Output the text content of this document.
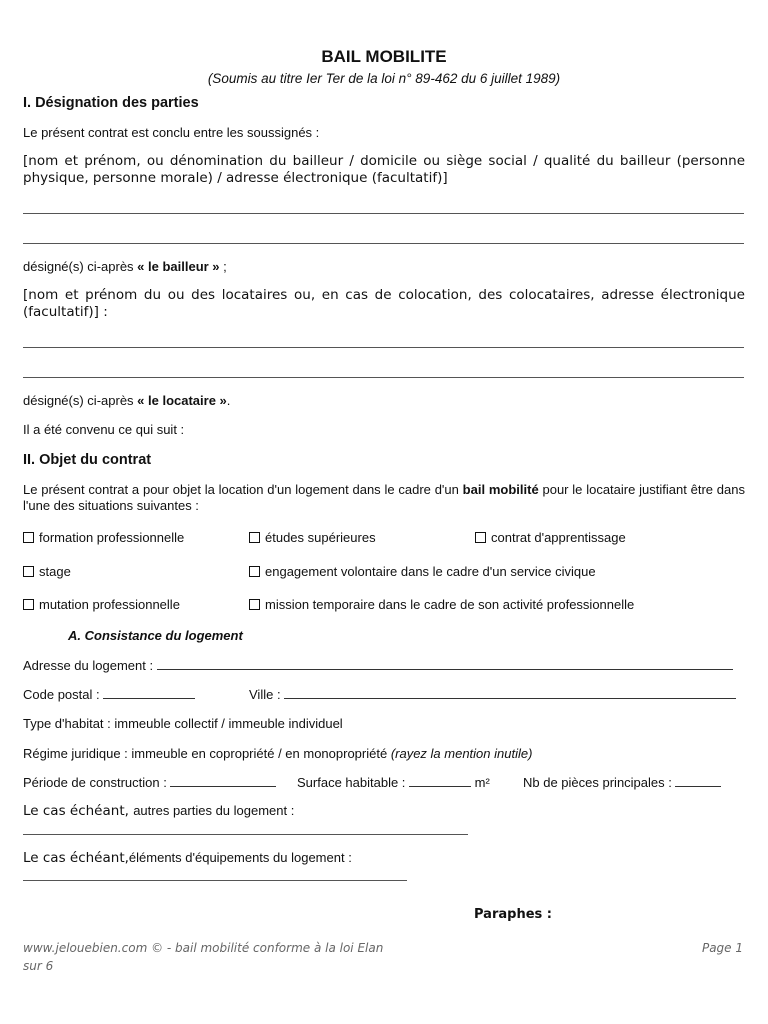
BAIL MOBILITE
(Soumis au titre Ier Ter de la loi n° 89-462 du 6 juillet 1989)
I. Désignation des parties
Le présent contrat est conclu entre les soussignés :
[nom et prénom, ou dénomination du bailleur / domicile ou siège social / qualité du bailleur (personne physique, personne morale) / adresse électronique (facultatif)]
désigné(s) ci-après « le bailleur » ;
[nom et prénom du ou des locataires ou, en cas de colocation, des colocataires, adresse électronique (facultatif)] :
désigné(s) ci-après « le locataire ».
Il a été convenu ce qui suit :
II. Objet du contrat
Le présent contrat a pour objet la location d'un logement dans le cadre d'un bail mobilité pour le locataire justifiant être dans l'une des situations suivantes :
formation professionnelle	études supérieures	contrat d'apprentissage
stage	engagement volontaire dans le cadre d'un service civique
mutation professionnelle	mission temporaire dans le cadre de son activité professionnelle
A. Consistance du logement
Adresse du logement :
Code postal :	Ville :
Type d'habitat : immeuble collectif / immeuble individuel
Régime juridique : immeuble en copropriété / en monopropriété (rayez la mention inutile)
Période de construction :	Surface habitable :	m²	Nb de pièces principales :
Le cas échéant, autres parties du logement :
Le cas échéant,éléments d'équipements du logement :
Paraphes :
www.jelouebien.com © - bail mobilité conforme à la loi Elan
sur 6
Page 1
